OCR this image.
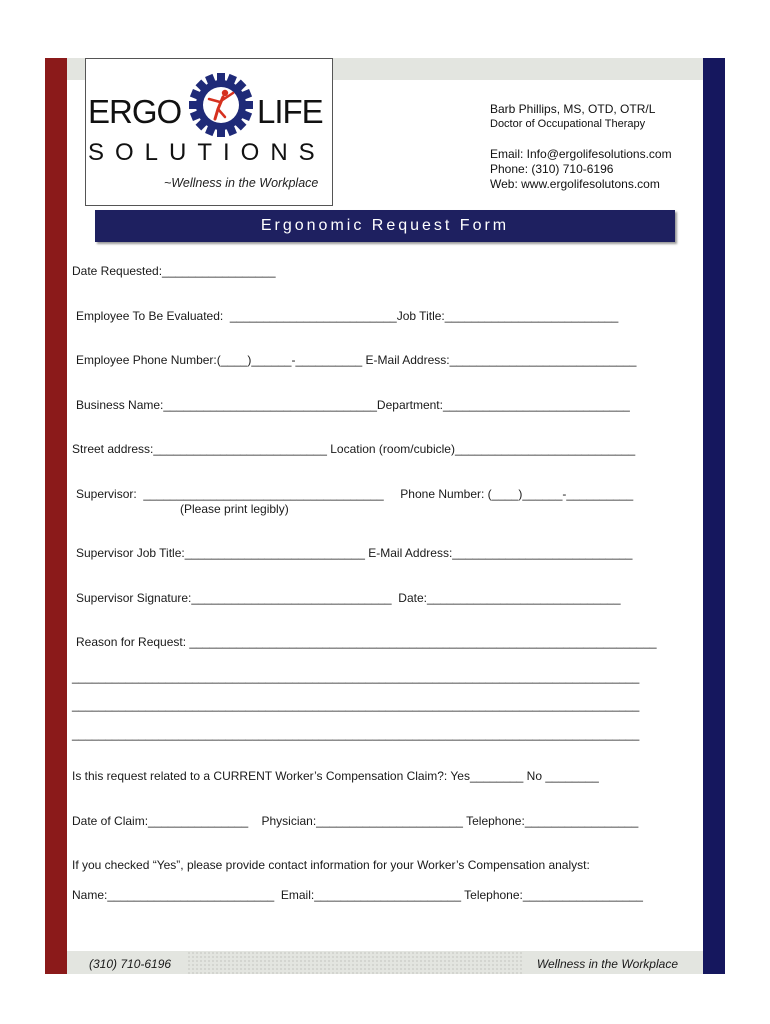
ERGO LIFE
SOLUTIONS
~Wellness in the Workplace
Barb Phillips, MS, OTD, OTR/L
Doctor of Occupational Therapy
Email: Info@ergolifesolutions.com
Phone: (310) 710-6196
Web: www.ergolifesolutons.com
Ergonomic Request Form
Date Requested:_________________
Employee To Be Evaluated:  _________________________Job Title:__________________________
Employee Phone Number:(____)______-__________ E-Mail Address:____________________________
Business Name:________________________________Department:____________________________
Street address:__________________________ Location (room/cubicle)___________________________
Supervisor:  ____________________________________     Phone Number: (____)______-__________
(Please print legibly)
Supervisor Job Title:___________________________ E-Mail Address:___________________________
Supervisor Signature:______________________________  Date:_____________________________
Reason for Request: ______________________________________________________________________
_____________________________________________________________________________________
_____________________________________________________________________________________
_____________________________________________________________________________________
Is this request related to a CURRENT Worker’s Compensation Claim?: Yes________ No ________
Date of Claim:_______________    Physician:______________________ Telephone:_________________
If you checked “Yes”, please provide contact information for your Worker’s Compensation analyst:
Name:_________________________  Email:______________________ Telephone:__________________
(310) 710-6196	Wellness in the Workplace
